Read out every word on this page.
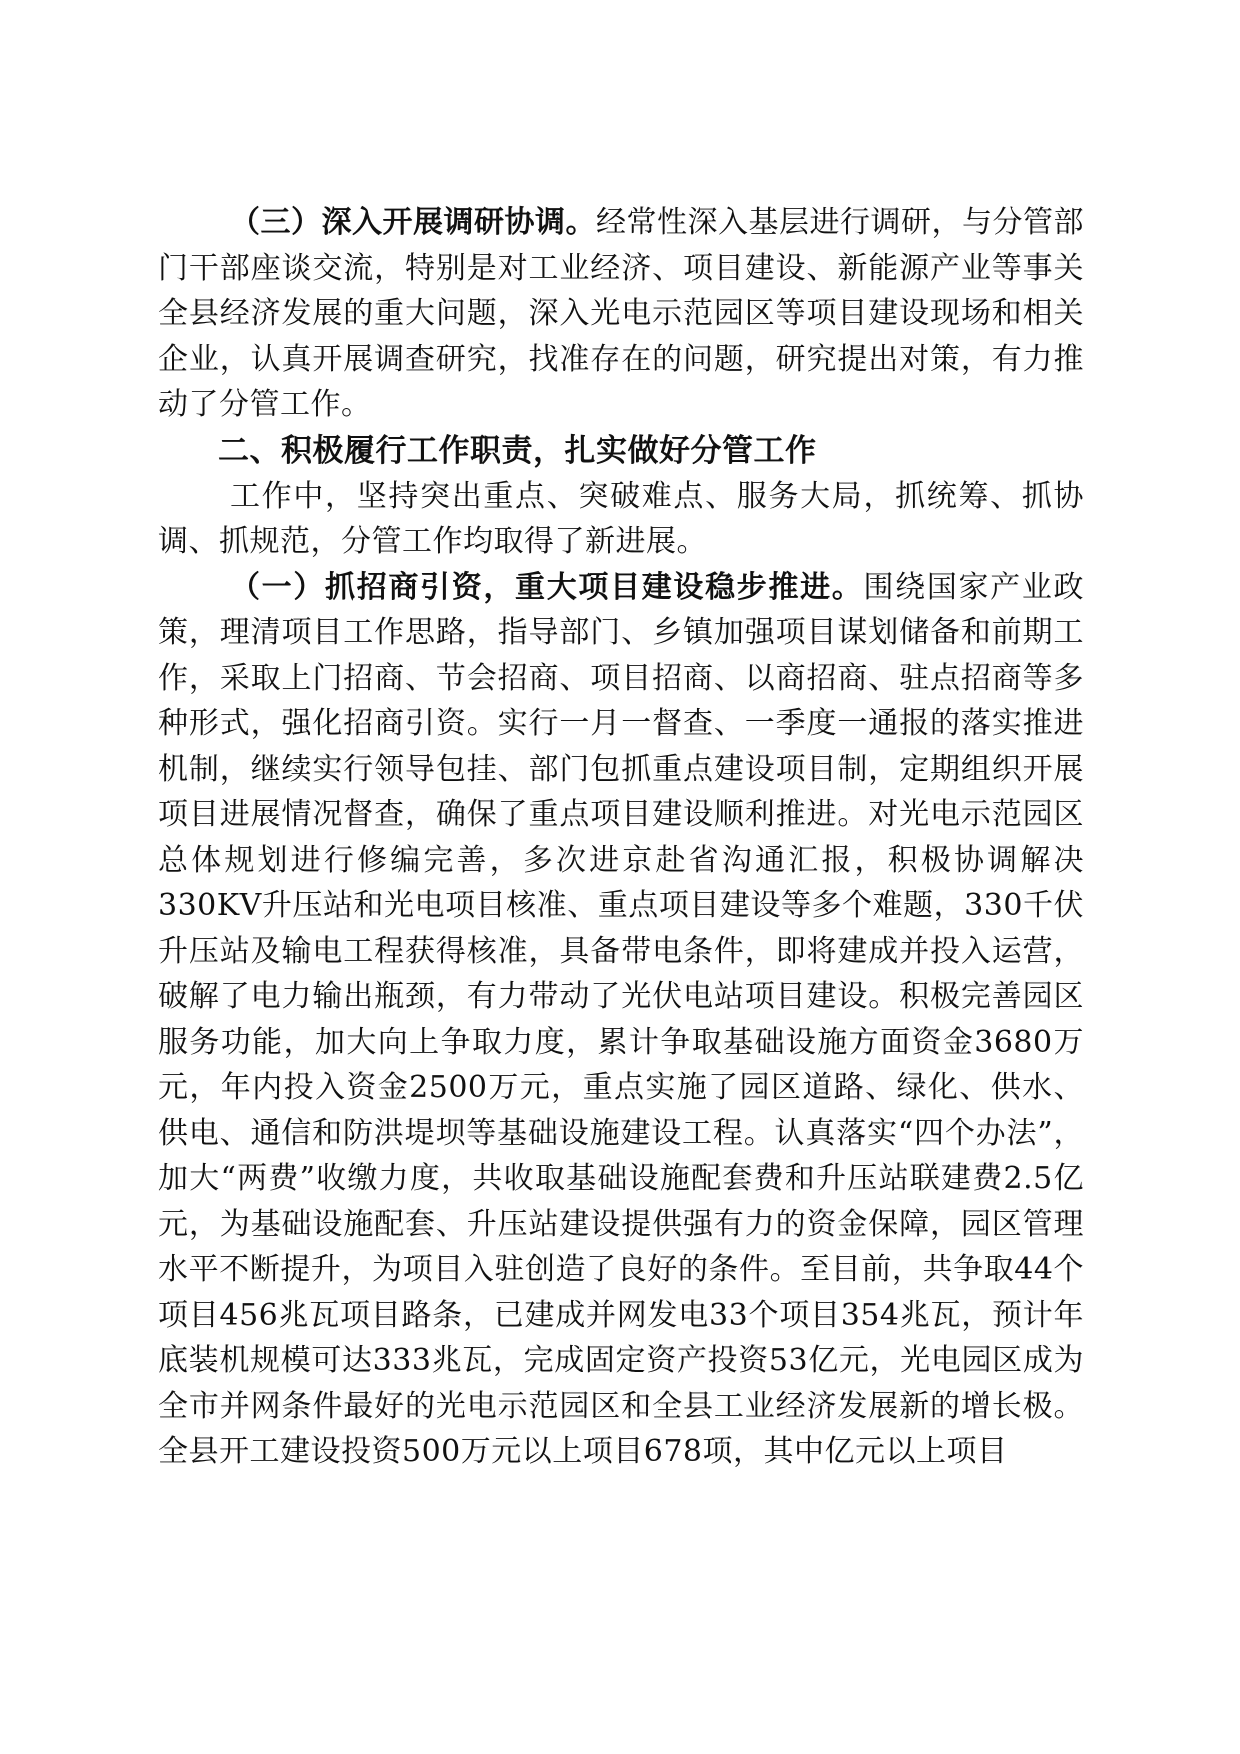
（三）深入开展调研协调。经常性深入基层进行调研，与分管部门干部座谈交流，特别是对工业经济、项目建设、新能源产业等事关全县经济发展的重大问题，深入光电示范园区等项目建设现场和相关企业，认真开展调查研究，找准存在的问题，研究提出对策，有力推动了分管工作。

二、积极履行工作职责，扎实做好分管工作

工作中，坚持突出重点、突破难点、服务大局，抓统筹、抓协调、抓规范，分管工作均取得了新进展。

（一）抓招商引资，重大项目建设稳步推进。围绕国家产业政策，理清项目工作思路，指导部门、乡镇加强项目谋划储备和前期工作，采取上门招商、节会招商、项目招商、以商招商、驻点招商等多种形式，强化招商引资。实行一月一督查、一季度一通报的落实推进机制，继续实行领导包挂、部门包抓重点建设项目制，定期组织开展项目进展情况督查，确保了重点项目建设顺利推进。对光电示范园区总体规划进行修编完善，多次进京赴省沟通汇报，积极协调解决330KV升压站和光电项目核准、重点项目建设等多个难题，330千伏升压站及输电工程获得核准，具备带电条件，即将建成并投入运营，破解了电力输出瓶颈，有力带动了光伏电站项目建设。积极完善园区服务功能，加大向上争取力度，累计争取基础设施方面资金3680万元，年内投入资金2500万元，重点实施了园区道路、绿化、供水、供电、通信和防洪堤坝等基础设施建设工程。认真落实“四个办法”，加大“两费”收缴力度，共收取基础设施配套费和升压站联建费2.5亿元，为基础设施配套、升压站建设提供强有力的资金保障，园区管理水平不断提升，为项目入驻创造了良好的条件。至目前，共争取44个项目456兆瓦项目路条，已建成并网发电33个项目354兆瓦，预计年底装机规模可达333兆瓦，完成固定资产投资53亿元，光电园区成为全市并网条件最好的光电示范园区和全县工业经济发展新的增长极。全县开工建设投资500万元以上项目678项，其中亿元以上项目
